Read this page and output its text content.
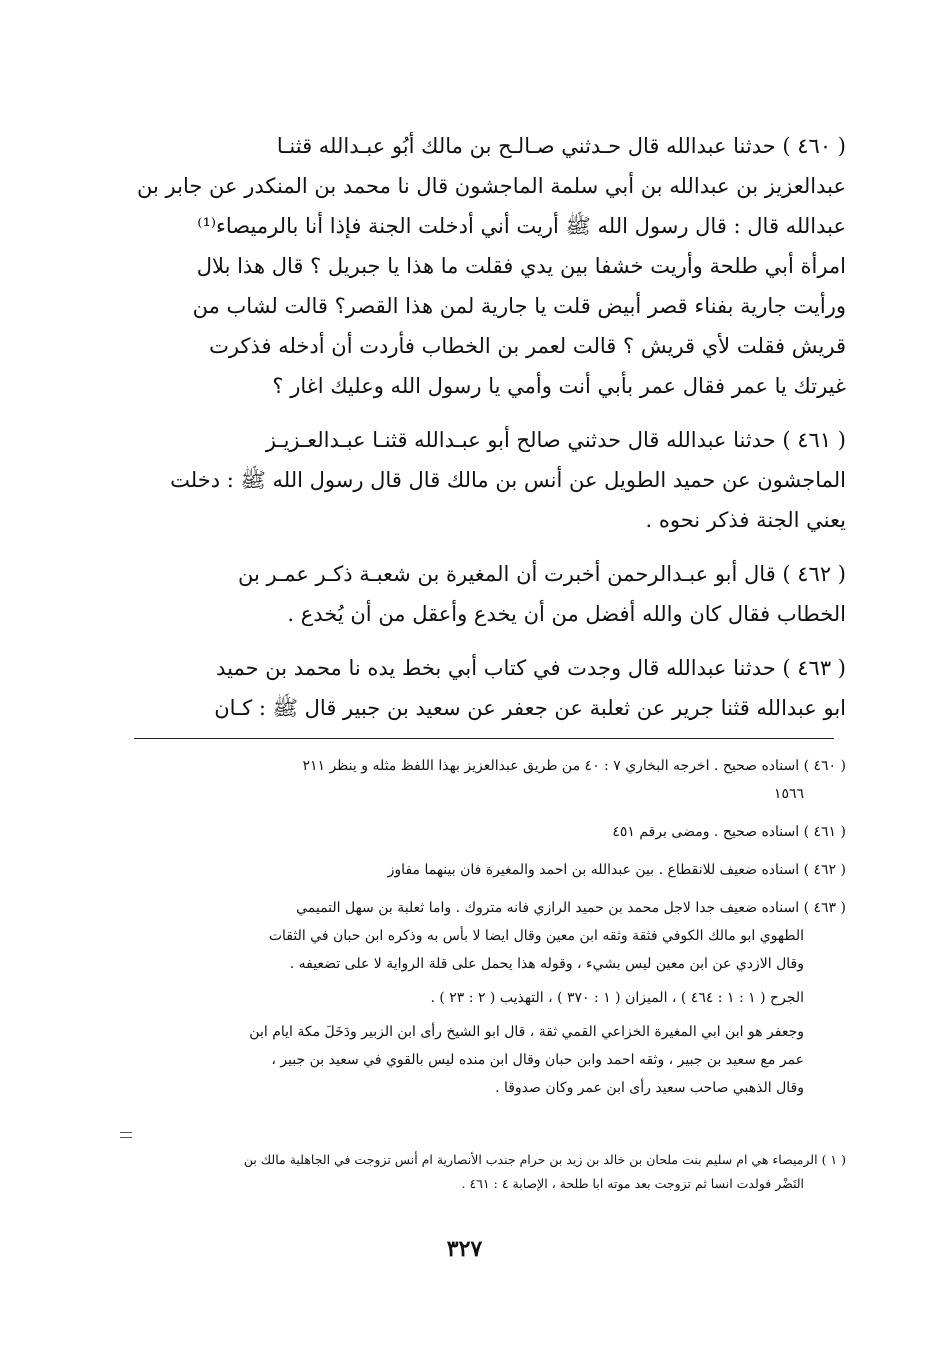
( ٤٦٠ ) حدثنا عبدالله قال حـدثني صـالـح بن مالك أبُو عبـدالله قثنـا
عبدالعزيز بن عبدالله بن أبي سلمة الماجشون قال نا محمد بن المنكدر عن جابر بن
عبدالله قال : قال رسول الله ﷺ أريت أني أدخلت الجنة فإذا أنا بالرميصاء⁽¹⁾
امرأة أبي طلحة وأريت خشفا بين يدي فقلت ما هذا يا جبريل ؟ قال هذا بلال
ورأيت جارية بفناء قصر أبيض قلت يا جارية لمن هذا القصر؟ قالت لشاب من
قريش فقلت لأي قريش ؟ قالت لعمر بن الخطاب فأردت أن أدخله فذكرت
غيرتك يا عمر فقال عمر بأبي أنت وأمي يا رسول الله وعليك اغار ؟
( ٤٦١ ) حدثنا عبدالله قال حدثني صالح أبو عبـدالله قثنـا عبـدالعـزيـز
الماجشون عن حميد الطويل عن أنس بن مالك قال قال رسول الله ﷺ : دخلت
يعني الجنة فذكر نحوه .
( ٤٦٢ ) قال أبو عبـدالرحمن أخبرت أن المغيرة بن شعبـة ذكـر عمـر بن
الخطاب فقال كان والله أفضل من أن يخدع وأعقل من أن يُخدع .
( ٤٦٣ ) حدثنا عبدالله قال وجدت في كتاب أبي بخط يده نا محمد بن حميد
ابو عبدالله قثنا جرير عن ثعلبة عن جعفر عن سعيد بن جبير قال ﷺ : كـان
( ٤٦٠ ) اسناده صحيح . اخرجه البخاري ٧ : ٤٠ من طريق عبدالعزيز بهذا اللفظ مثله و ينظر ٢١١
١٥٦٦
( ٤٦١ ) اسناده صحيح . ومضى برقم ٤٥١
( ٤٦٢ ) اسناده ضعيف للانقطاع . بين عبدالله بن احمد والمغيرة فان بينهما مفاوز
( ٤٦٣ ) اسناده ضعيف جدا لاجل محمد بن حميد الرازي فانه متروك . واما ثعلبة بن سهل التميمي
الطهوي ابو مالك الكوفي فثقة وثقه ابن معين وقال ايضا لا بأس به وذكره ابن حبان في الثقات
وقال الازدي عن ابن معين ليس بشيء ، وقوله هذا يحمل على قلة الرواية لا على تضعيفه .
الجرح ( ١ : ١ : ٤٦٤ ) ، الميزان ( ١ : ٣٧٠ ) ، التهذيب ( ٢ : ٢٣ ) .
وجعفر هو ابن ابي المغيرة الخزاعي القمي ثقة ، قال ابو الشيخ رأى ابن الزبير ودَخَلَ مكة ايام ابن
عمر مع سعيد بن جبير ، وثقه احمد وابن حبان وقال ابن منده ليس بالقوي في سعيد بن جبير ،
وقال الذهبي صاحب سعيد رأى ابن عمر وكان صدوقا .
( ١ ) الرميصاء هي ام سليم بنت ملحان بن خالد بن زيد بن حرام جندب الأنصارية ام أنس تزوجت في الجاهلية مالك بن
النَضْر فولدت انسا ثم تزوجت بعد موته ابا طلحة ، الإصابة ٤ : ٤٦١ .
٣٢٧
